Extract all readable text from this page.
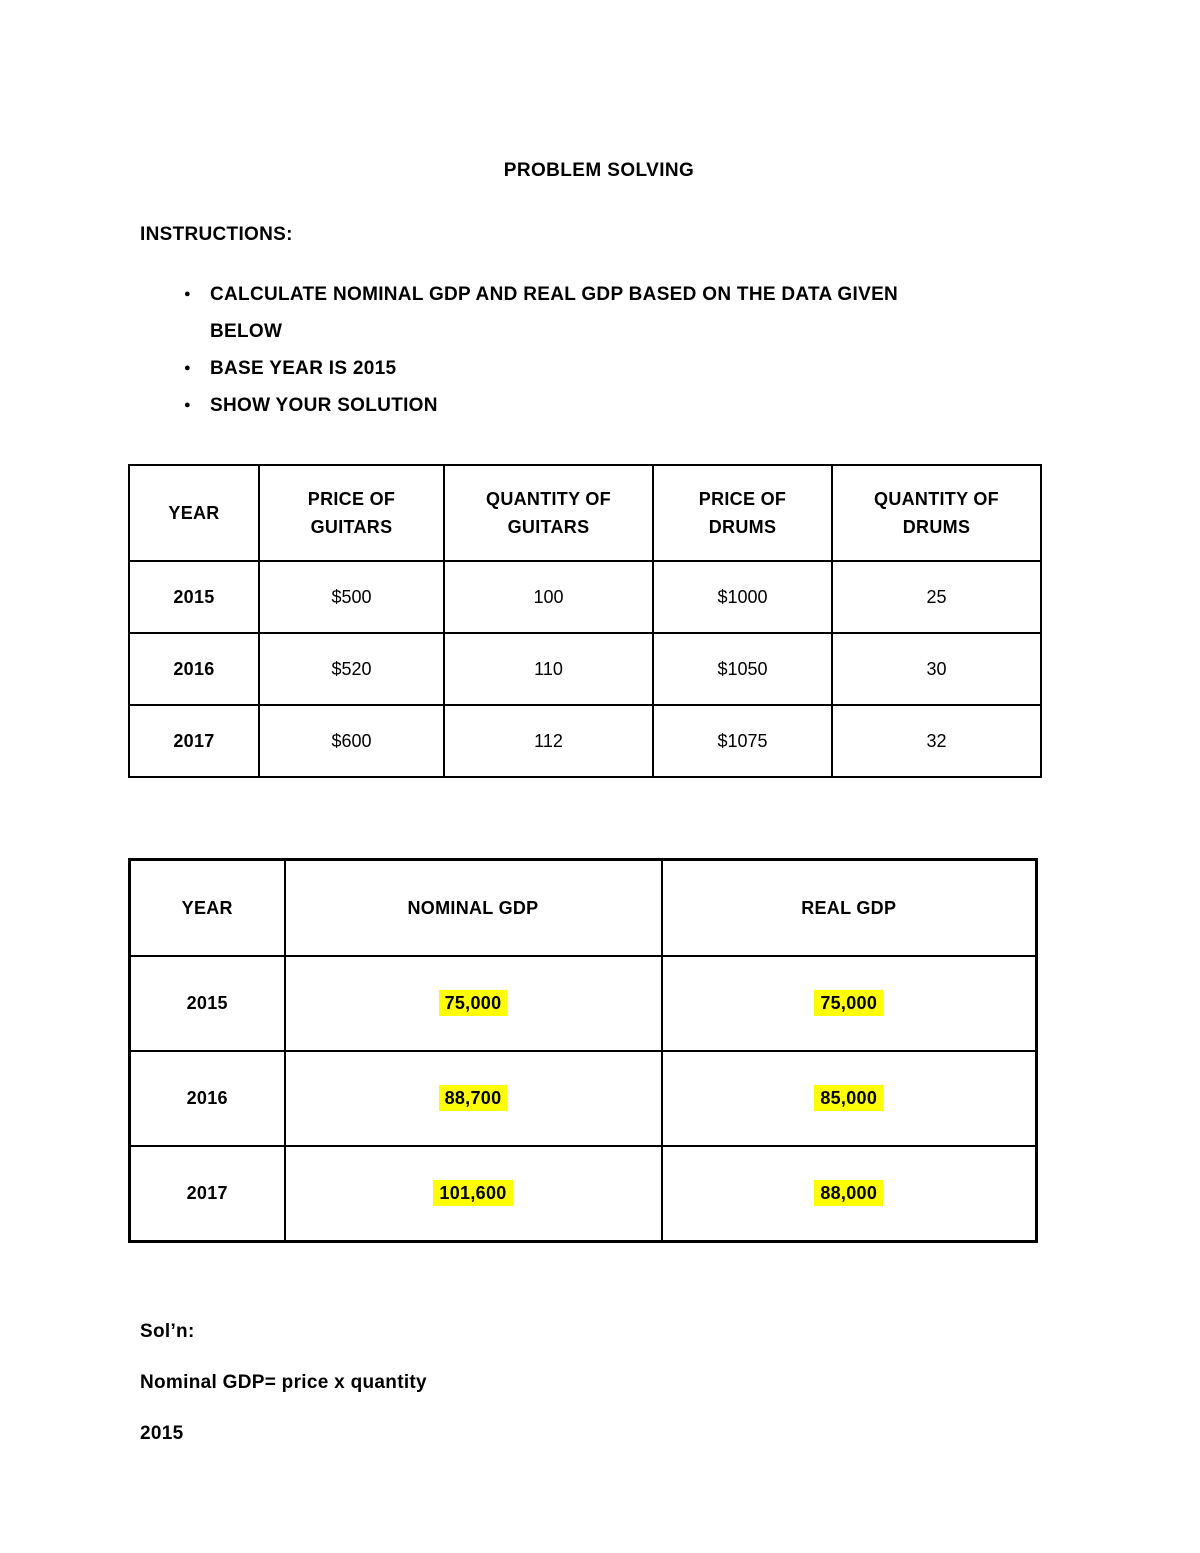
PROBLEM SOLVING

INSTRUCTIONS:

● CALCULATE NOMINAL GDP AND REAL GDP BASED ON THE DATA GIVEN BELOW
● BASE YEAR IS 2015
● SHOW YOUR SOLUTION
YEAR	PRICE OF GUITARS	QUANTITY OF GUITARS	PRICE OF DRUMS	QUANTITY OF DRUMS
2015	$500	100	$1000	25
2016	$520	110	$1050	30
2017	$600	112	$1075	32
YEAR	NOMINAL GDP	REAL GDP
2015	75,000	75,000
2016	88,700	85,000
2017	101,600	88,000

Sol’n:

Nominal GDP= price x quantity

2015
